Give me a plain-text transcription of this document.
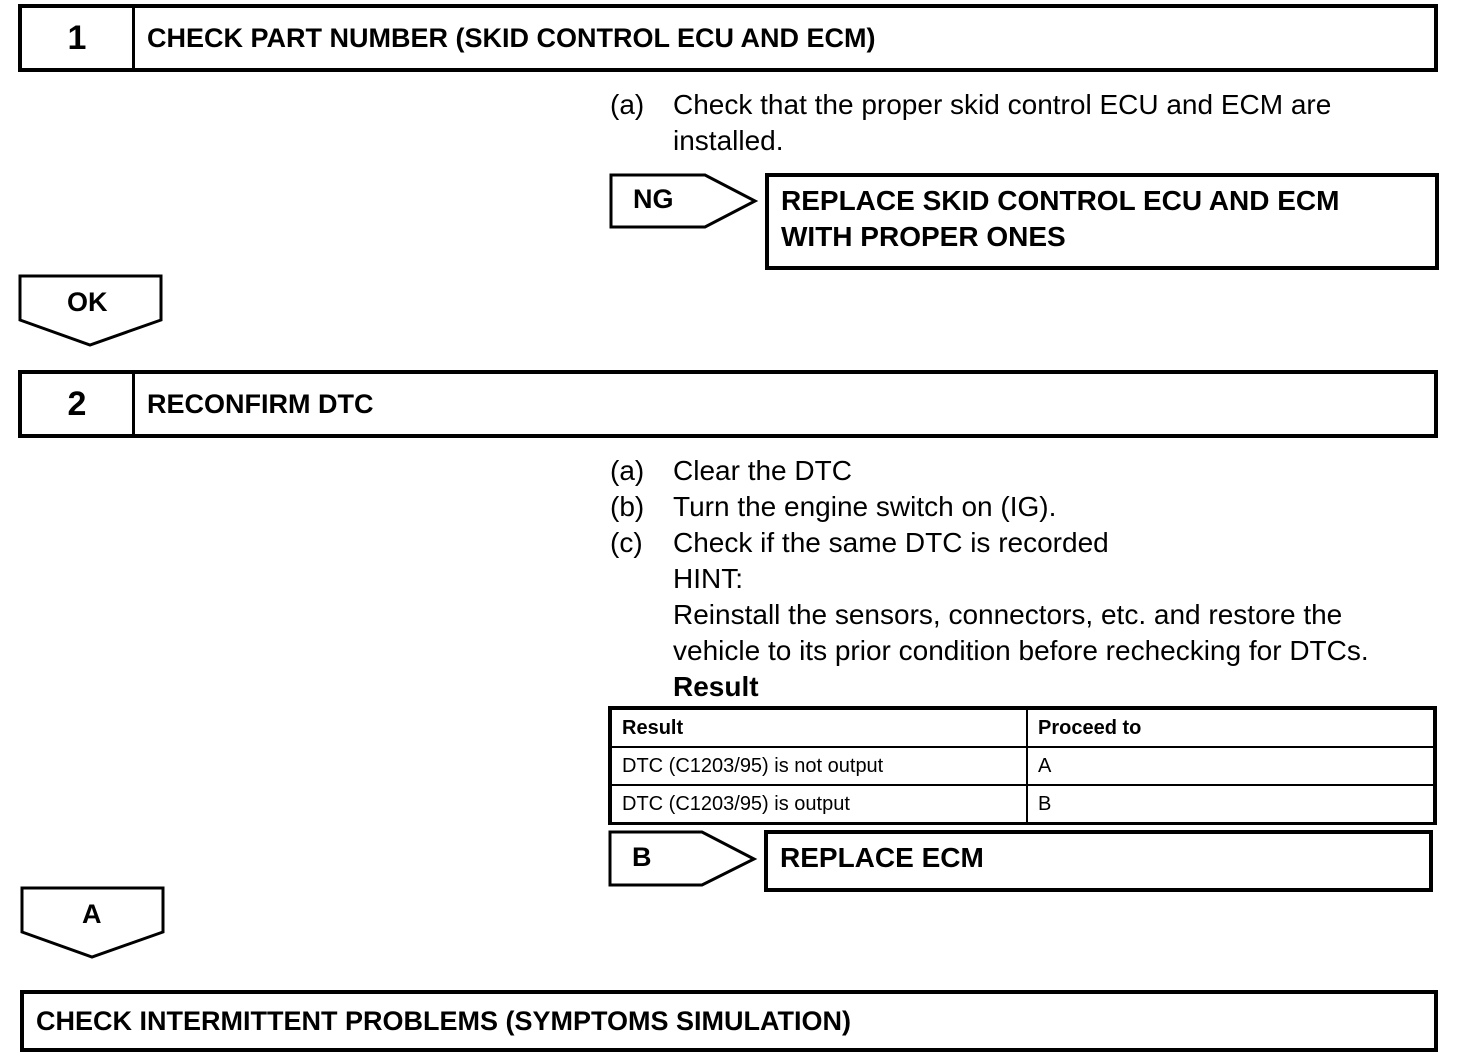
1	CHECK PART NUMBER (SKID CONTROL ECU AND ECM)
(a)	Check that the proper skid control ECU and ECM are
installed.
NG	REPLACE SKID CONTROL ECU AND ECM
WITH PROPER ONES
OK
2	RECONFIRM DTC
(a)	Clear the DTC
(b)	Turn the engine switch on (IG).
(c)	Check if the same DTC is recorded
HINT:
Reinstall the sensors, connectors, etc. and restore the
vehicle to its prior condition before rechecking for DTCs.
Result
Result	Proceed to
DTC (C1203/95) is not output	A
DTC (C1203/95) is output	B
B	REPLACE ECM
A
CHECK INTERMITTENT PROBLEMS (SYMPTOMS SIMULATION)
